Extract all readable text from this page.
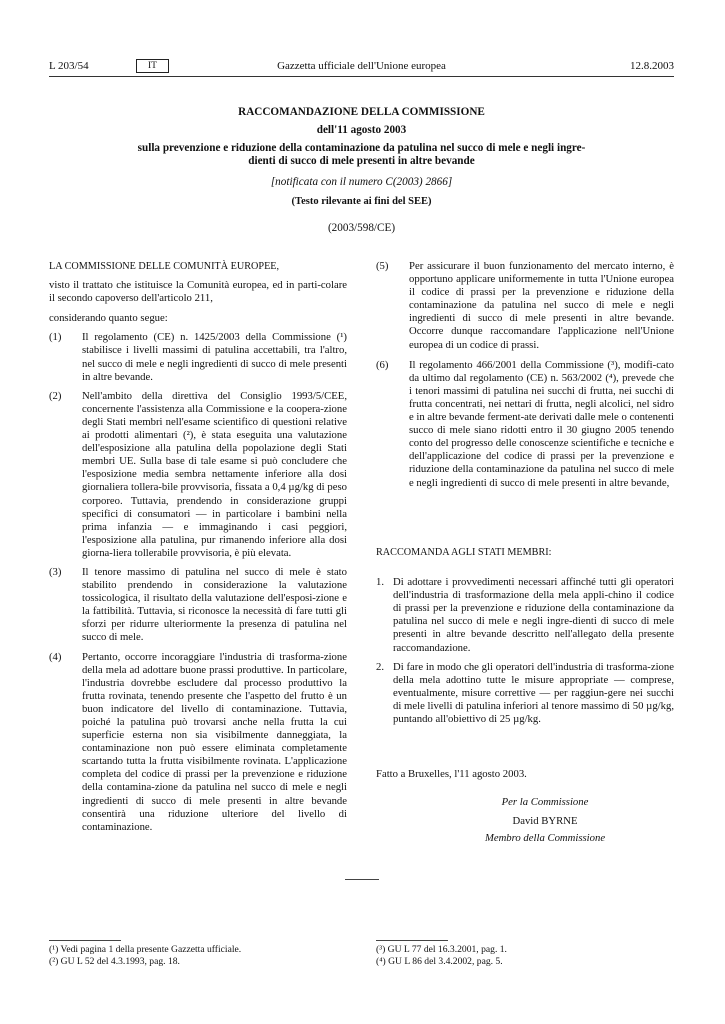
L 203/54	IT	Gazzetta ufficiale dell'Unione europea	12.8.2003
RACCOMANDAZIONE DELLA COMMISSIONE
dell'11 agosto 2003
sulla prevenzione e riduzione della contaminazione da patulina nel succo di mele e negli ingre-
dienti di succo di mele presenti in altre bevande
[notificata con il numero C(2003) 2866]
(Testo rilevante ai fini del SEE)
(2003/598/CE)

LA COMMISSIONE DELLE COMUNITÀ EUROPEE,

visto il trattato che istituisce la Comunità europea, ed in parti-colare il secondo capoverso dell'articolo 211,

considerando quanto segue:

(1) Il regolamento (CE) n. 1425/2003 della Commissione (¹) stabilisce i livelli massimi di patulina accettabili, tra l'altro, nel succo di mele e negli ingredienti di succo di mele presenti in altre bevande.

(2) Nell'ambito della direttiva del Consiglio 1993/5/CEE, concernente l'assistenza alla Commissione e la coopera-zione degli Stati membri nell'esame scientifico di questioni relative ai prodotti alimentari (²), è stata eseguita una valutazione dell'esposizione alla patulina della popolazione degli Stati membri UE. Sulla base di tale esame si può concludere che l'esposizione media sembra nettamente inferiore alla dosi giornaliera tollera-bile provvisoria, fissata a 0,4 µg/kg di peso corporeo. Tuttavia, prendendo in considerazione gruppi specifici di consumatori — in particolare i bambini nella prima infanzia — e immaginando i casi peggiori, l'esposizione alla patulina, pur rimanendo inferiore alla dosi giorna-liera tollerabile provvisoria, è più elevata.

(3) Il tenore massimo di patulina nel succo di mele è stato stabilito prendendo in considerazione la valutazione tossicologica, il risultato della valutazione dell'esposi-zione e la fattibilità. Tuttavia, si riconosce la necessità di fare tutti gli sforzi per ridurre ulteriormente la presenza di patulina nel succo di mele.

(4) Pertanto, occorre incoraggiare l'industria di trasforma-zione della mela ad adottare buone prassi produttive. In particolare, l'industria dovrebbe escludere dal processo produttivo la frutta rovinata, tenendo presente che l'aspetto del frutto è un buon indicatore del livello di contaminazione. Tuttavia, poiché la patulina può trovarsi anche nella frutta la cui superficie esterna non sia visibilmente danneggiata, la contaminazione non può essere eliminata completamente scartando tutta la frutta visibilmente rovinata. L'applicazione completa del codice di prassi per la prevenzione e riduzione della contamina-zione da patulina nel succo di mele e negli ingredienti di succo di mele presenti in altre bevande consentirà una riduzione ulteriore del livello di contaminazione.

(5) Per assicurare il buon funzionamento del mercato interno, è opportuno applicare uniformemente in tutta l'Unione europea il codice di prassi per la prevenzione e riduzione della contaminazione da patulina nel succo di mele e negli ingredienti di succo di mele presenti in altre bevande. Occorre dunque raccomandare l'applicazione nell'Unione europea di un codice di prassi.

(6) Il regolamento 466/2001 della Commissione (³), modifi-cato da ultimo dal regolamento (CE) n. 563/2002 (⁴), prevede che i tenori massimi di patulina nei succhi di frutta, nei succhi di frutta concentrati, nei nettari di frutta, negli alcolici, nel sidro e in altre bevande ferment-ate derivati dalle mele o contenenti succo di mele siano ridotti entro il 30 giugno 2005 tenendo conto del progresso delle conoscenze scientifiche e tecniche e dell'applicazione del codice di prassi per la prevenzione e riduzione della contaminazione da patulina nel succo di mele e negli ingredienti di succo di mele presenti in altre bevande,

RACCOMANDA AGLI STATI MEMBRI:

1. Di adottare i provvedimenti necessari affinché tutti gli operatori dell'industria di trasformazione della mela appli-chino il codice di prassi per la prevenzione e riduzione della contaminazione da patulina nel succo di mele e negli ingre-dienti di succo di mele presenti in altre bevande descritto nell'allegato della presente raccomandazione.

2. Di fare in modo che gli operatori dell'industria di trasforma-zione della mela adottino tutte le misure appropriate — comprese, eventualmente, misure correttive — per raggiun-gere nei succhi di mele livelli di patulina inferiori al tenore massimo di 50 µg/kg, puntando all'obiettivo di 25 µg/kg.

Fatto a Bruxelles, l'11 agosto 2003.
Per la Commissione
David BYRNE
Membro della Commissione
(¹) Vedi pagina 1 della presente Gazzetta ufficiale.
(²) GU L 52 del 4.3.1993, pag. 18.
(³) GU L 77 del 16.3.2001, pag. 1.
(⁴) GU L 86 del 3.4.2002, pag. 5.
